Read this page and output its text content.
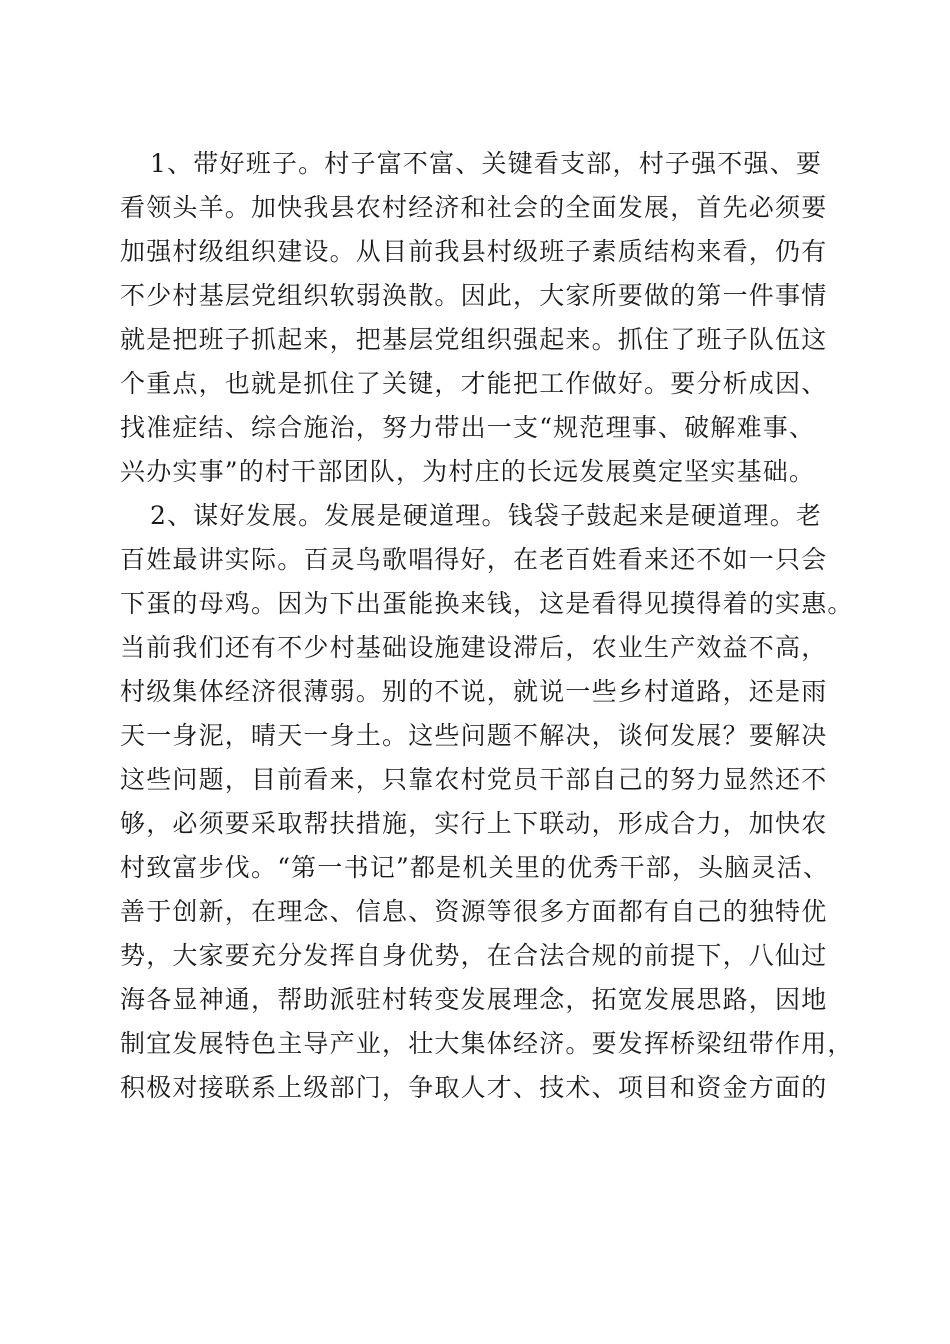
1、带好班子。村子富不富、关键看支部，村子强不强、要
看领头羊。加快我县农村经济和社会的全面发展，首先必须要
加强村级组织建设。从目前我县村级班子素质结构来看，仍有
不少村基层党组织软弱涣散。因此，大家所要做的第一件事情
就是把班子抓起来，把基层党组织强起来。抓住了班子队伍这
个重点，也就是抓住了关键，才能把工作做好。要分析成因、
找准症结、综合施治，努力带出一支“规范理事、破解难事、
兴办实事”的村干部团队，为村庄的长远发展奠定坚实基础。
2、谋好发展。发展是硬道理。钱袋子鼓起来是硬道理。老
百姓最讲实际。百灵鸟歌唱得好，在老百姓看来还不如一只会
下蛋的母鸡。因为下出蛋能换来钱，这是看得见摸得着的实惠。
当前我们还有不少村基础设施建设滞后，农业生产效益不高，
村级集体经济很薄弱。别的不说，就说一些乡村道路，还是雨
天一身泥，晴天一身土。这些问题不解决，谈何发展？要解决
这些问题，目前看来，只靠农村党员干部自己的努力显然还不
够，必须要采取帮扶措施，实行上下联动，形成合力，加快农
村致富步伐。“第一书记”都是机关里的优秀干部，头脑灵活、
善于创新，在理念、信息、资源等很多方面都有自己的独特优
势，大家要充分发挥自身优势，在合法合规的前提下，八仙过
海各显神通，帮助派驻村转变发展理念，拓宽发展思路，因地
制宜发展特色主导产业，壮大集体经济。要发挥桥梁纽带作用，
积极对接联系上级部门，争取人才、技术、项目和资金方面的
